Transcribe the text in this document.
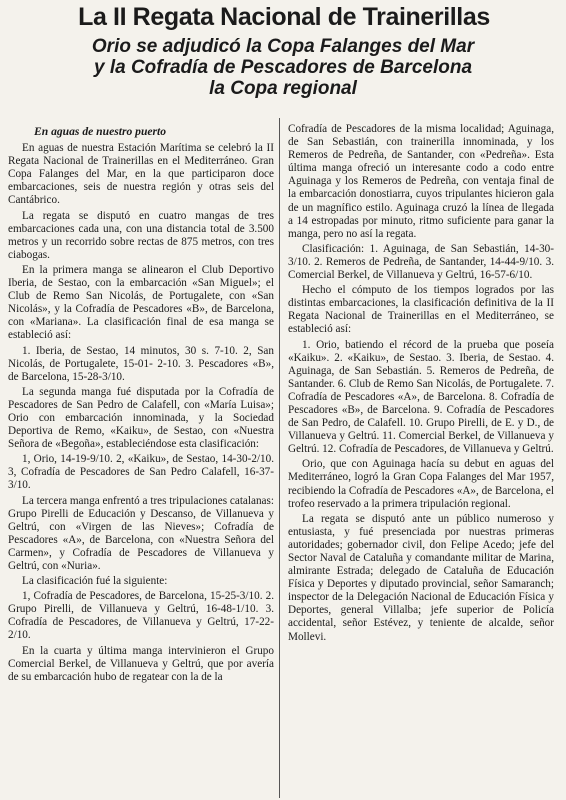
La II Regata Nacional de Trainerillas
Orio se adjudicó la Copa Falanges del Mar
y la Cofradía de Pescadores de Barcelona
la Copa regional
En aguas de nuestro puerto

En aguas de nuestra Estación Marítima se celebró la II Regata Nacional de Trainerillas en el Mediterráneo. Gran Copa Falanges del Mar, en la que participaron doce embarcaciones, seis de nuestra región y otras seis del Cantábrico.

La regata se disputó en cuatro mangas de tres embarcaciones cada una, con una distancia total de 3.500 metros y un recorrido sobre rectas de 875 metros, con tres ciabogas.

En la primera manga se alinearon el Club Deportivo Iberia, de Sestao, con la embarcación «San Miguel»; el Club de Remo San Nicolás, de Portugalete, con «San Nicolás», y la Cofradía de Pescadores «B», de Barcelona, con «Mariana». La clasificación final de esa manga se estableció así:

1. Iberia, de Sestao, 14 minutos, 30 s. 7-10. 2, San Nicolás, de Portugalete, 15-01- 2-10. 3. Pescadores «B», de Barcelona, 15-28-3/10.

La segunda manga fué disputada por la Cofradía de Pescadores de San Pedro de Calafell, con «María Luisa»; Orio con embarcación innominada, y la Sociedad Deportiva de Remo, «Kaiku», de Sestao, con «Nuestra Señora de «Begoña», estableciéndose esta clasificación:

1, Orio, 14-19-9/10. 2, «Kaiku», de Sestao, 14-30-2/10. 3, Cofradía de Pescadores de San Pedro Calafell, 16-37-3/10.

La tercera manga enfrentó a tres tripulaciones catalanas: Grupo Pirelli de Educación y Descanso, de Villanueva y Geltrú, con «Virgen de las Nieves»; Cofradía de Pescadores «A», de Barcelona, con «Nuestra Señora del Carmen», y Cofradía de Pescadores de Villanueva y Geltrú, con «Nuria».

La clasificación fué la siguiente:

1, Cofradía de Pescadores, de Barcelona, 15-25-3/10. 2. Grupo Pirelli, de Villanueva y Geltrú, 16-48-1/10. 3. Cofradía de Pescadores, de Villanueva y Geltrú, 17-22-2/10.

En la cuarta y última manga intervinieron el Grupo Comercial Berkel, de Villanueva y Geltrú, que por avería de su embarcación hubo de regatear con la de la

Cofradía de Pescadores de la misma localidad; Aguinaga, de San Sebastián, con trainerilla innominada, y los Remeros de Pedreña, de Santander, con «Pedreña». Esta última manga ofreció un interesante codo a codo entre Aguinaga y los Remeros de Pedreña, con ventaja final de la embarcación donostiarra, cuyos tripulantes hicieron gala de un magnífico estilo. Aguinaga cruzó la línea de llegada a 14 estropadas por minuto, ritmo suficiente para ganar la manga, pero no así la regata.

Clasificación: 1. Aguinaga, de San Sebastián, 14-30-3/10. 2. Remeros de Pedreña, de Santander, 14-44-9/10. 3. Comercial Berkel, de Villanueva y Geltrú, 16-57-6/10.

Hecho el cómputo de los tiempos logrados por las distintas embarcaciones, la clasificación definitiva de la II Regata Nacional de Trainerillas en el Mediterráneo, se estableció así:

1. Orio, batiendo el récord de la prueba que poseía «Kaiku». 2. «Kaiku», de Sestao. 3. Iberia, de Sestao. 4. Aguinaga, de San Sebastián. 5. Remeros de Pedreña, de Santander. 6. Club de Remo San Nicolás, de Portugalete. 7. Cofradía de Pescadores «A», de Barcelona. 8. Cofradía de Pescadores «B», de Barcelona. 9. Cofradía de Pescadores de San Pedro, de Calafell. 10. Grupo Pirelli, de E. y D., de Villanueva y Geltrú. 11. Comercial Berkel, de Villanueva y Geltrú. 12. Cofradía de Pescadores, de Villanueva y Geltrú.

Orio, que con Aguinaga hacía su debut en aguas del Mediterráneo, logró la Gran Copa Falanges del Mar 1957, recibiendo la Cofradía de Pescadores «A», de Barcelona, el trofeo reservado a la primera tripulación regional.

La regata se disputó ante un público numeroso y entusiasta, y fué presenciada por nuestras primeras autoridades; gobernador civil, don Felipe Acedo; jefe del Sector Naval de Cataluña y comandante militar de Marina, almirante Estrada; delegado de Cataluña de Educación Física y Deportes y diputado provincial, señor Samaranch; inspector de la Delegación Nacional de Educación Física y Deportes, general Villalba; jefe superior de Policía accidental, señor Estévez, y teniente de alcalde, señor Mollevi.
